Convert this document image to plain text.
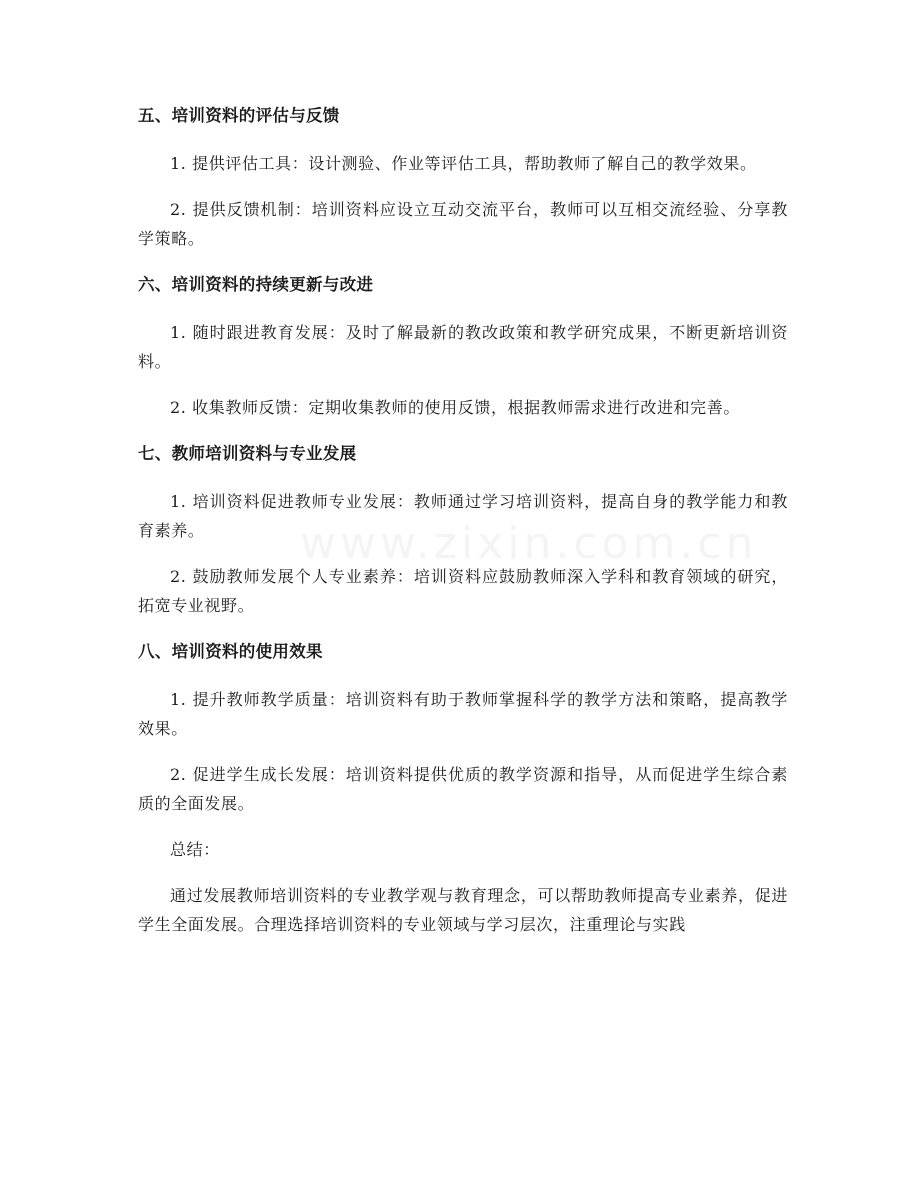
www.zixin.com.cn
五、培训资料的评估与反馈

1. 提供评估工具：设计测验、作业等评估工具，帮助教师了解自己的教学效果。

2. 提供反馈机制：培训资料应设立互动交流平台，教师可以互相交流经验、分享教学策略。

六、培训资料的持续更新与改进

1. 随时跟进教育发展：及时了解最新的教改政策和教学研究成果，不断更新培训资料。

2. 收集教师反馈：定期收集教师的使用反馈，根据教师需求进行改进和完善。

七、教师培训资料与专业发展

1. 培训资料促进教师专业发展：教师通过学习培训资料，提高自身的教学能力和教育素养。

2. 鼓励教师发展个人专业素养：培训资料应鼓励教师深入学科和教育领域的研究，拓宽专业视野。

八、培训资料的使用效果

1. 提升教师教学质量：培训资料有助于教师掌握科学的教学方法和策略，提高教学效果。

2. 促进学生成长发展：培训资料提供优质的教学资源和指导，从而促进学生综合素质的全面发展。

总结：

通过发展教师培训资料的专业教学观与教育理念，可以帮助教师提高专业素养，促进学生全面发展。合理选择培训资料的专业领域与学习层次，注重理论与实践
